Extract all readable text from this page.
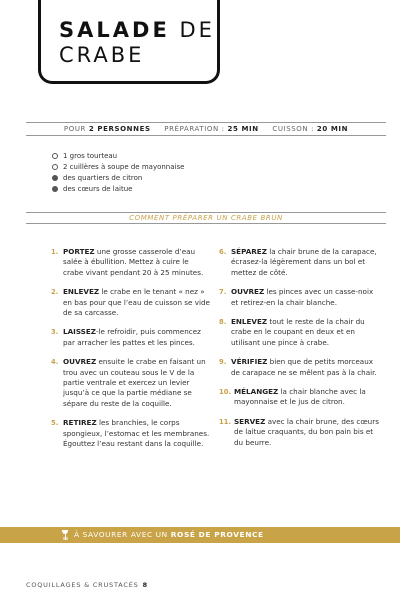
SALADE DE
CRABE
POUR 2 PERSONNES PRÉPARATION : 25 MIN CUISSON : 20 MIN
1 gros tourteau
2 cuillères à soupe de mayonnaise
des quartiers de citron
des cœurs de laitue
COMMENT PRÉPARER UN CRABE BRUN
1. PORTEZ une grosse casserole d’eau salée à ébullition. Mettez à cuire le crabe vivant pendant 20 à 25 minutes.
2. ENLEVEZ le crabe en le tenant « nez » en bas pour que l’eau de cuisson se vide de sa carcasse.
3. LAISSEZ-le refroidir, puis commencez par arracher les pattes et les pinces.
4. OUVREZ ensuite le crabe en faisant un trou avec un couteau sous le V de la partie ventrale et exercez un levier jusqu’à ce que la partie médiane se sépare du reste de la coquille.
5. RETIREZ les branchies, le corps spongieux, l’estomac et les membranes. Égouttez l’eau restant dans la coquille.
6. SÉPAREZ la chair brune de la carapace, écrasez-la légèrement dans un bol et mettez de côté.
7. OUVREZ les pinces avec un casse-noix et retirez-en la chair blanche.
8. ENLEVEZ tout le reste de la chair du crabe en le coupant en deux et en utilisant une pince à crabe.
9. VÉRIFIEZ bien que de petits morceaux de carapace ne se mêlent pas à la chair.
10. MÉLANGEZ la chair blanche avec la mayonnaise et le jus de citron.
11. SERVEZ avec la chair brune, des cœurs de laitue craquants, du bon pain bis et du beurre.
À SAVOURER AVEC UN ROSÉ DE PROVENCE
COQUILLAGES & CRUSTACÉS 8
